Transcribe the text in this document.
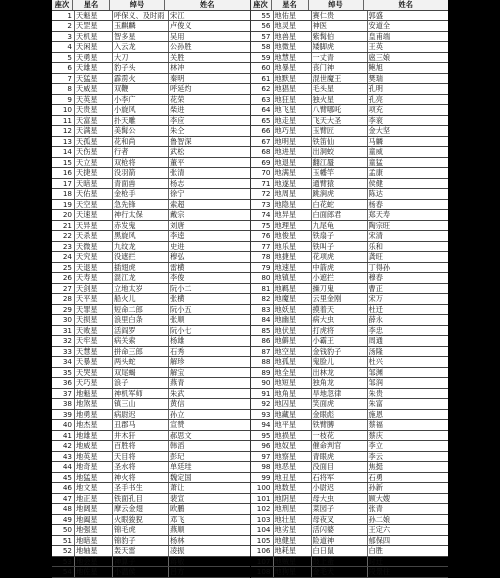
座次	星名	绰号	姓名
1 天魁星	呼保义、及时雨 宋江
2 天罡星	玉麒麟	卢俊义
3 天机星	智多星	吴用
4 天闲星	入云龙	公孙胜
5 天勇星	大刀	关胜
6 天雄星	豹子头	林冲
7 天猛星	霹雳火	秦明
8 天威星	双鞭	呼延灼
9 天英星	小李广	花荣
10 天贵星	小旋风	柴进
11 天富星	扑天雕	李应
12 天满星	美髯公	朱仝
13 天孤星	花和尚	鲁智深
14 天伤星	行者	武松
15 天立星	双枪将	董平
16 天捷星	没羽箭	张清
17 天暗星	青面兽	杨志
18 天佑星	金枪手	徐宁
19 天空星	急先锋	索超
20 天速星	神行太保	戴宗
21 天异星	赤发鬼	刘唐
22 天杀星	黑旋风	李逵
23 天微星	九纹龙	史进
24 天究星	没遮拦	穆弘
25 天退星	插翅虎	雷横
26 天寿星	混江龙	李俊
27 天剑星	立地太岁	阮小二
28 天平星	船火儿	张横
29 天罪星	短命二郎	阮小五
30 天损星	浪里白条	张顺
31 天败星	活阎罗	阮小七
32 天牢星	病关索	杨雄
33 天慧星	拼命三郎	石秀
34 天暴星	两头蛇	解珍
35 天哭星	双尾蝎	解宝
36 天巧星	浪子	燕青
37 地魁星	神机军师	朱武
38 地煞星	镇三山	黄信
39 地勇星	病尉迟	孙立
40 地杰星	丑郡马	宣赞
41 地雄星	井木犴	郝思文
42 地威星	百胜将	韩滔
43 地英星	天目将	彭玘
44 地奇星	圣水将	单廷珪
45 地猛星	神火将	魏定国
46 地文星	圣手书生	萧让
47 地正星	铁面孔目	裴宣
48 地阔星	摩云金翅	欧鹏
49 地阖星	火眼狻猊	邓飞
50 地强星	锦毛虎	燕顺
51 地暗星	锦豹子	杨林
52 地轴星	轰天雷	凌振
53 地会星	神算子	蒋敬
54 地佐星	小温侯	吕方
座次	星名	绰号	姓名
55 地佑星	赛仁贵	郭盛
56 地灵星	神医	安道全
57 地兽星	紫髯伯	皇甫端
58 地微星	矮脚虎	王英
59 地慧星	一丈青	扈三娘
60 地暴星	丧门神	鲍旭
61 地默星	混世魔王	樊瑞
62 地猖星	毛头星	孔明
63 地狂星	独火星	孔亮
64 地飞星	八臂哪吒	项充
65 地走星	飞天大圣	李衮
66 地巧星	玉臂匠	金大坚
67 地明星	铁笛仙	马麟
68 地进星	出洞蛟	童威
69 地退星	翻江蜃	童猛
70 地满星	玉幡竿	孟康
71 地遂星	通臂猿	侯健
72 地周星	跳涧虎	陈达
73 地隐星	白花蛇	杨春
74 地异星	白面郎君	郑天寿
75 地理星	九尾龟	陶宗旺
76 地俊星	铁扇子	宋清
77 地乐星	铁叫子	乐和
78 地捷星	花项虎	龚旺
79 地速星	中箭虎	丁得孙
80 地镇星	小遮拦	穆春
81 地羁星	操刀鬼	曹正
82 地魔星	云里金刚	宋万
83 地妖星	摸着天	杜迁
84 地幽星	病大虫	薛永
85 地伏星	打虎将	李忠
86 地僻星	小霸王	周通
87 地空星	金钱豹子	汤隆
88 地孤星	鬼脸儿	杜兴
89 地全星	出林龙	邹渊
90 地短星	独角龙	邹润
91 地角星	旱地忽律	朱贵
92 地囚星	笑面虎	朱富
93 地藏星	金眼彪	施恩
94 地平星	铁臂膊	蔡福
95 地损星	一枝花	蔡庆
96 地奴星	催命判官	李立
97 地察星	青眼虎	李云
98 地恶星	没面目	焦挺
99 地丑星	石将军	石勇
100 地数星	小尉迟	孙新
101 地阴星	母大虫	顾大嫂
102 地刑星	菜园子	张青
103 地壮星	母夜叉	孙二娘
104 地劣星	活闪婆	王定六
105 地健星	险道神	郁保四
106 地耗星	白日鼠	白胜
107 地贼星	鼓上蚤	时迁
108 地狗星	金毛犬	段景住
